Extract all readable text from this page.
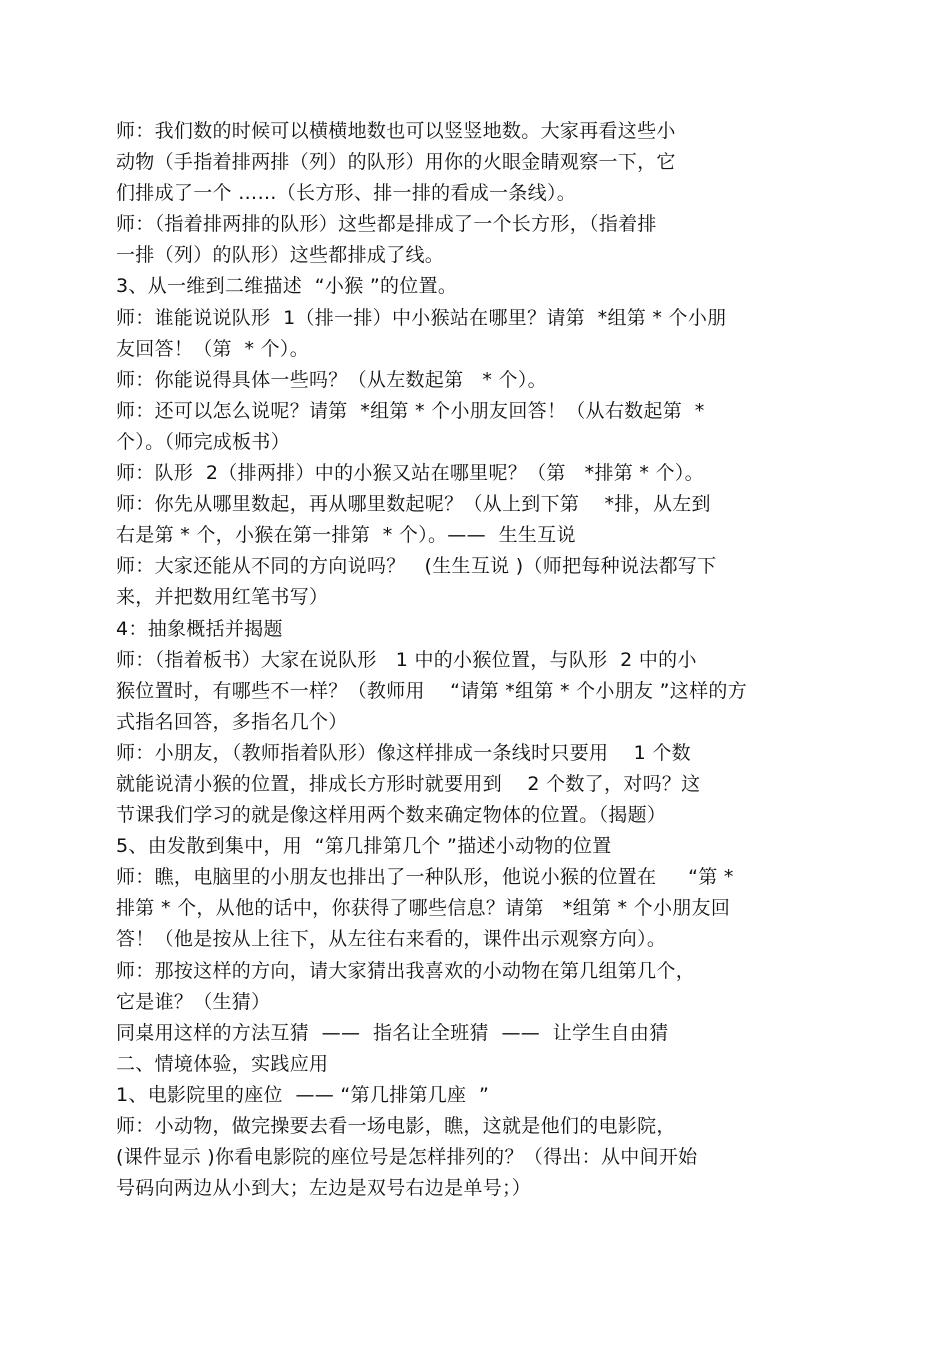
师：我们数的时候可以横横地数也可以竖竖地数。大家再看这些小
动物（手指着排两排（列）的队形）用你的火眼金睛观察一下，它
们排成了一个 ……（长方形、排一排的看成一条线）。
师：（指着排两排的队形）这些都是排成了一个长方形，（指着排
一排（列）的队形）这些都排成了线。
3、从一维到二维描述  “小猴 ”的位置。
师：谁能说说队形  1（排一排）中小猴站在哪里？请第  *组第 * 个小朋
友回答！（第  * 个）。
师：你能说得具体一些吗？（从左数起第   * 个）。
师：还可以怎么说呢？请第  *组第 * 个小朋友回答！（从右数起第  *
个）。（师完成板书）
师：队形  2（排两排）中的小猴又站在哪里呢？（第   *排第 * 个）。
师：你先从哪里数起，再从哪里数起呢？（从上到下第    *排，从左到
右是第 * 个，小猴在第一排第  * 个）。——  生生互说
师：大家还能从不同的方向说吗？   (生生互说 )（师把每种说法都写下
来，并把数用红笔书写）
4：抽象概括并揭题
师：（指着板书）大家在说队形   1 中的小猴位置，与队形  2 中的小
猴位置时，有哪些不一样？（教师用    “请第 *组第 * 个小朋友 ”这样的方
式指名回答，多指名几个）
师：小朋友，（教师指着队形）像这样排成一条线时只要用    1 个数
就能说清小猴的位置，排成长方形时就要用到    2 个数了，对吗？这
节课我们学习的就是像这样用两个数来确定物体的位置。（揭题）
5、由发散到集中，用  “第几排第几个 ”描述小动物的位置
师：瞧，电脑里的小朋友也排出了一种队形，他说小猴的位置在     “第 *
排第 * 个，从他的话中，你获得了哪些信息？请第   *组第 * 个小朋友回
答！（他是按从上往下，从左往右来看的，课件出示观察方向）。
师：那按这样的方向，请大家猜出我喜欢的小动物在第几组第几个，
它是谁？（生猜）
同桌用这样的方法互猜  ——  指名让全班猜  ——  让学生自由猜
二、情境体验，实践应用
1、电影院里的座位  —— “第几排第几座  ”
师：小动物，做完操要去看一场电影，瞧，这就是他们的电影院，
(课件显示 )你看电影院的座位号是怎样排列的？（得出：从中间开始
号码向两边从小到大；左边是双号右边是单号；）
